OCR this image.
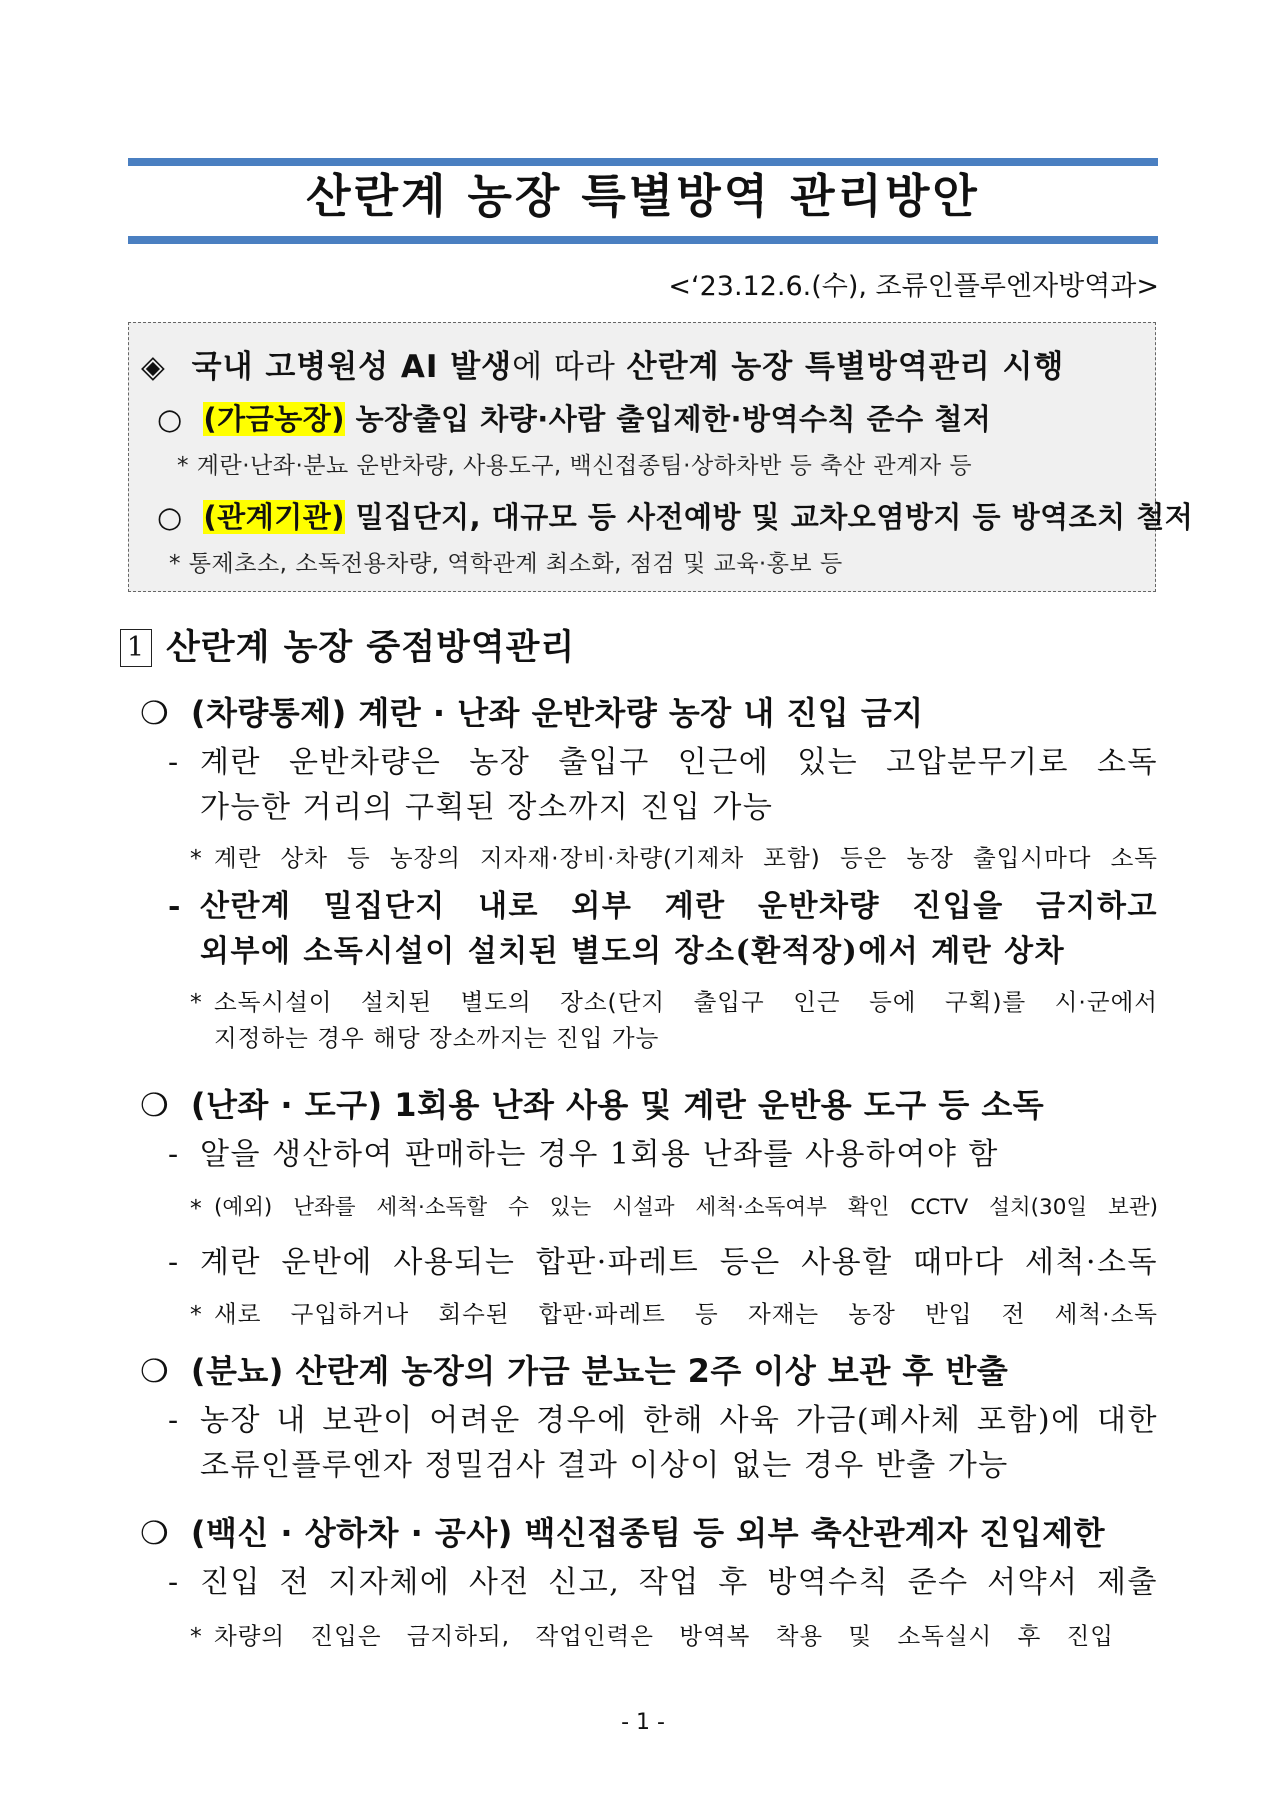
산란계 농장 특별방역 관리방안
<‘23.12.6.(수), 조류인플루엔자방역과>
◈ 국내 고병원성 AI 발생에 따라 산란계 농장 특별방역관리 시행
○ (가금농장) 농장출입 차량·사람 출입제한·방역수칙 준수 철저
* 계란·난좌·분뇨 운반차량, 사용도구, 백신접종팀·상하차반 등 축산 관계자 등
○ (관계기관) 밀집단지, 대규모 등 사전예방 및 교차오염방지 등 방역조치 철저
* 통제초소, 소독전용차량, 역학관계 최소화, 점검 및 교육·홍보 등
1 산란계 농장 중점방역관리
❍ (차량통제) 계란 · 난좌 운반차량 농장 내 진입 금지
- 계란 운반차량은 농장 출입구 인근에 있는 고압분무기로 소독
가능한 거리의 구획된 장소까지 진입 가능
* 계란 상차 등 농장의 지자재·장비·차량(기제차 포함) 등은 농장 출입시마다 소독
- 산란계 밀집단지 내로 외부 계란 운반차량 진입을 금지하고
외부에 소독시설이 설치된 별도의 장소(환적장)에서 계란 상차
* 소독시설이 설치된 별도의 장소(단지 출입구 인근 등에 구획)를 시·군에서
지정하는 경우 해당 장소까지는 진입 가능
❍ (난좌 · 도구) 1회용 난좌 사용 및 계란 운반용 도구 등 소독
- 알을 생산하여 판매하는 경우 1회용 난좌를 사용하여야 함
* (예외) 난좌를 세척·소독할 수 있는 시설과 세척·소독여부 확인 CCTV 설치(30일 보관)
- 계란 운반에 사용되는 합판·파레트 등은 사용할 때마다 세척·소독
* 새로 구입하거나 회수된 합판·파레트 등 자재는 농장 반입 전 세척·소독
❍ (분뇨) 산란계 농장의 가금 분뇨는 2주 이상 보관 후 반출
- 농장 내 보관이 어려운 경우에 한해 사육 가금(폐사체 포함)에 대한
조류인플루엔자 정밀검사 결과 이상이 없는 경우 반출 가능
❍ (백신 · 상하차 · 공사) 백신접종팀 등 외부 축산관계자 진입제한
- 진입 전 지자체에 사전 신고, 작업 후 방역수칙 준수 서약서 제출
* 차량의 진입은 금지하되, 작업인력은 방역복 착용 및 소독실시 후 진입
- 1 -
